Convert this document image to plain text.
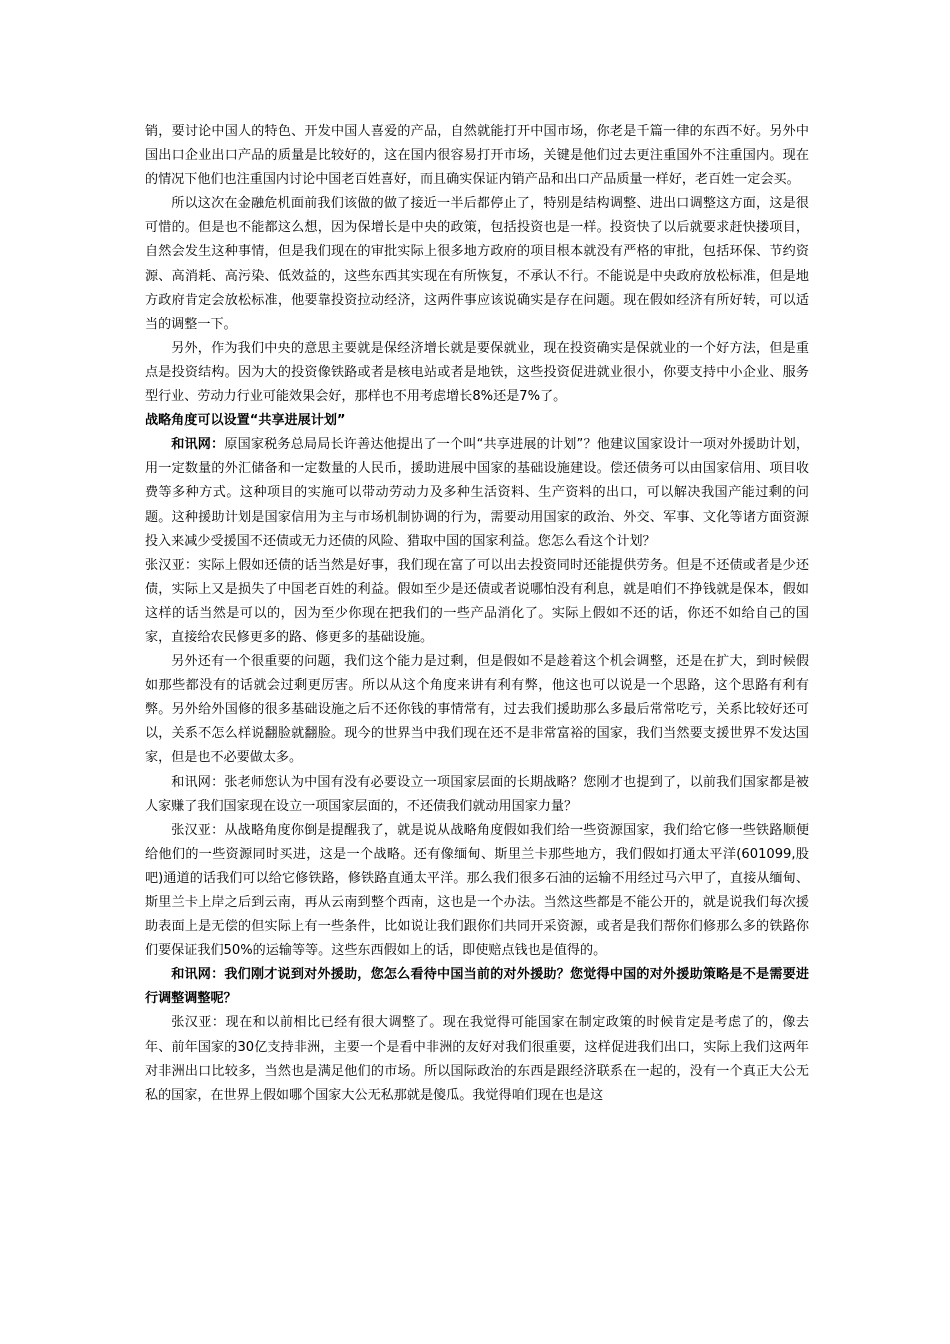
销，要讨论中国人的特色、开发中国人喜爱的产品，自然就能打开中国市场，你老是千篇一律的东西不好。另外中国出口企业出口产品的质量是比较好的，这在国内很容易打开市场，关键是他们过去更注重国外不注重国内。现在的情况下他们也注重国内讨论中国老百姓喜好，而且确实保证内销产品和出口产品质量一样好，老百姓一定会买。

所以这次在金融危机面前我们该做的做了接近一半后都停止了，特别是结构调整、进出口调整这方面，这是很可惜的。但是也不能都这么想，因为保增长是中央的政策，包括投资也是一样。投资快了以后就要求赶快搂项目，自然会发生这种事情，但是我们现在的审批实际上很多地方政府的项目根本就没有严格的审批，包括环保、节约资源、高消耗、高污染、低效益的，这些东西其实现在有所恢复，不承认不行。不能说是中央政府放松标准，但是地方政府肯定会放松标准，他要靠投资拉动经济，这两件事应该说确实是存在问题。现在假如经济有所好转，可以适当的调整一下。

另外，作为我们中央的意思主要就是保经济增长就是要保就业，现在投资确实是保就业的一个好方法，但是重点是投资结构。因为大的投资像铁路或者是核电站或者是地铁，这些投资促进就业很小，你要支持中小企业、服务型行业、劳动力行业可能效果会好，那样也不用考虑增长8%还是7%了。

战略角度可以设置“共享进展计划”

和讯网：原国家税务总局局长许善达他提出了一个叫“共享进展的计划”？他建议国家设计一项对外援助计划，用一定数量的外汇储备和一定数量的人民币，援助进展中国家的基础设施建设。偿还债务可以由国家信用、项目收费等多种方式。这种项目的实施可以带动劳动力及多种生活资料、生产资料的出口，可以解决我国产能过剩的问题。这种援助计划是国家信用为主与市场机制协调的行为，需要动用国家的政治、外交、军事、文化等诸方面资源投入来减少受援国不还债或无力还债的风险、猎取中国的国家利益。您怎么看这个计划？

张汉亚：实际上假如还债的话当然是好事，我们现在富了可以出去投资同时还能提供劳务。但是不还债或者是少还债，实际上又是损失了中国老百姓的利益。假如至少是还债或者说哪怕没有利息，就是咱们不挣钱就是保本，假如这样的话当然是可以的，因为至少你现在把我们的一些产品消化了。实际上假如不还的话，你还不如给自己的国家，直接给农民修更多的路、修更多的基础设施。

另外还有一个很重要的问题，我们这个能力是过剩，但是假如不是趁着这个机会调整，还是在扩大，到时候假如那些都没有的话就会过剩更厉害。所以从这个角度来讲有利有弊，他这也可以说是一个思路，这个思路有利有弊。另外给外国修的很多基础设施之后不还你钱的事情常有，过去我们援助那么多最后常常吃亏，关系比较好还可以，关系不怎么样说翻脸就翻脸。现今的世界当中我们现在还不是非常富裕的国家，我们当然要支援世界不发达国家，但是也不必要做太多。

和讯网：张老师您认为中国有没有必要设立一项国家层面的长期战略？您刚才也提到了，以前我们国家都是被人家赚了我们国家现在设立一项国家层面的，不还债我们就动用国家力量？

张汉亚：从战略角度你倒是提醒我了，就是说从战略角度假如我们给一些资源国家，我们给它修一些铁路顺便给他们的一些资源同时买进，这是一个战略。还有像缅甸、斯里兰卡那些地方，我们假如打通太平洋(601099,股吧)通道的话我们可以给它修铁路，修铁路直通太平洋。那么我们很多石油的运输不用经过马六甲了，直接从缅甸、斯里兰卡上岸之后到云南，再从云南到整个西南，这也是一个办法。当然这些都是不能公开的，就是说我们每次援助表面上是无偿的但实际上有一些条件，比如说让我们跟你们共同开采资源，或者是我们帮你们修那么多的铁路你们要保证我们50%的运输等等。这些东西假如上的话，即使赔点钱也是值得的。

和讯网：我们刚才说到对外援助，您怎么看待中国当前的对外援助？您觉得中国的对外援助策略是不是需要进行调整调整呢？

张汉亚：现在和以前相比已经有很大调整了。现在我觉得可能国家在制定政策的时候肯定是考虑了的，像去年、前年国家的30亿支持非洲，主要一个是看中非洲的友好对我们很重要，这样促进我们出口，实际上我们这两年对非洲出口比较多，当然也是满足他们的市场。所以国际政治的东西是跟经济联系在一起的，没有一个真正大公无私的国家，在世界上假如哪个国家大公无私那就是傻瓜。我觉得咱们现在也是这
